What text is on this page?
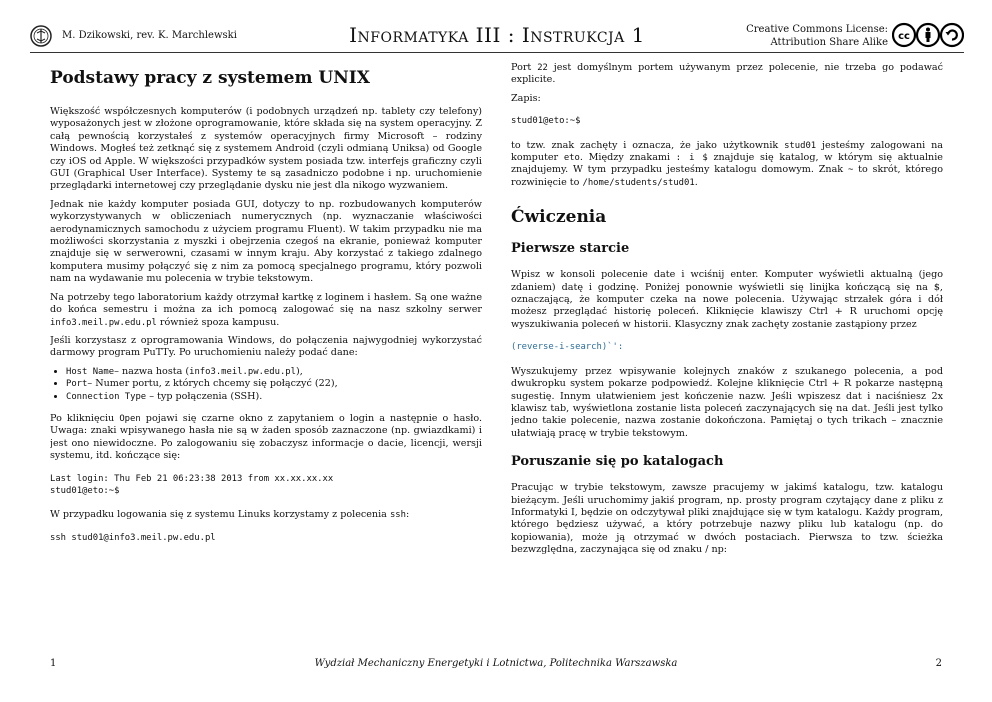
M. Dzikowski, rev. K. Marchlewski	Informatyka III : Instrukcja 1	Creative Commons License:
Attribution Share Alike
cc
Podstawy pracy z systemem UNIX

Większość współczesnych komputerów (i podobnych urządzeń np. tablety czy telefony) wyposażonych jest w złożone oprogramowanie, które składa się na system operacyjny. Z całą pewnością korzystałeś z systemów operacyjnych firmy Microsoft – rodziny Windows. Mogłeś też zetknąć się z systemem Android (czyli odmianą Uniksa) od Google czy iOS od Apple. W większości przypadków system posiada tzw. interfejs graficzny czyli GUI (Graphical User Interface). Systemy te są zasadniczo podobne i np. uruchomienie przeglądarki internetowej czy przeglądanie dysku nie jest dla nikogo wyzwaniem.

Jednak nie każdy komputer posiada GUI, dotyczy to np. rozbudowanych komputerów wykorzystywanych w obliczeniach numerycznych (np. wyznaczanie właściwości aerodynamicznych samochodu z użyciem programu Fluent). W takim przypadku nie ma możliwości skorzystania z myszki i obejrzenia czegoś na ekranie, ponieważ komputer znajduje się w serwerowni, czasami w innym kraju. Aby korzystać z takiego zdalnego komputera musimy połączyć się z nim za pomocą specjalnego programu, który pozwoli nam na wydawanie mu polecenia w trybie tekstowym.

Na potrzeby tego laboratorium każdy otrzymał kartkę z loginem i hasłem. Są one ważne do końca semestru i można za ich pomocą zalogować się na nasz szkolny serwer info3.meil.pw.edu.pl również spoza kampusu.

Jeśli korzystasz z oprogramowania Windows, do połączenia najwygodniej wykorzystać darmowy program PuTTy. Po uruchomieniu należy podać dane:

• Host Name– nazwa hosta (info3.meil.pw.edu.pl),
• Port– Numer portu, z których chcemy się połączyć (22),
• Connection Type – typ połączenia (SSH).

Po kliknięciu Open pojawi się czarne okno z zapytaniem o login a następnie o hasło. Uwaga: znaki wpisywanego hasła nie są w żaden sposób zaznaczone (np. gwiazdkami) i jest ono niewidoczne. Po zalogowaniu się zobaczysz informacje o dacie, licencji, wersji systemu, itd. kończące się:

Last login: Thu Feb 21 06:23:38 2013 from xx.xx.xx.xx
stud01@eto:~$

W przypadku logowania się z systemu Linuks korzystamy z polecenia ssh:

ssh stud01@info3.meil.pw.edu.pl

Port 22 jest domyślnym portem używanym przez polecenie, nie trzeba go podawać explicite.

Zapis:

stud01@eto:~$

to tzw. znak zachęty i oznacza, że jako użytkownik stud01 jesteśmy zalogowani na komputer eto. Między znakami : i $ znajduje się katalog, w którym się aktualnie znajdujemy. W tym przypadku jesteśmy katalogu domowym. Znak ~ to skrót, którego rozwinięcie to /home/students/stud01.

Ćwiczenia
Pierwsze starcie

Wpisz w konsoli polecenie date i wciśnij enter. Komputer wyświetli aktualną (jego zdaniem) datę i godzinę. Poniżej ponownie wyświetli się linijka kończącą się na $, oznaczającą, że komputer czeka na nowe polecenia. Używając strzałek góra i dół możesz przeglądać historię poleceń. Kliknięcie klawiszy Ctrl + R uruchomi opcję wyszukiwania poleceń w historii. Klasyczny znak zachęty zostanie zastąpiony przez

(reverse-i-search)`':

Wyszukujemy przez wpisywanie kolejnych znaków z szukanego polecenia, a pod dwukropku system pokarze podpowiedź. Kolejne kliknięcie Ctrl + R pokarze następną sugestię. Innym ułatwieniem jest kończenie nazw. Jeśli wpiszesz dat i naciśniesz 2x klawisz tab, wyświetlona zostanie lista poleceń zaczynających się na dat. Jeśli jest tylko jedno takie polecenie, nazwa zostanie dokończona. Pamiętaj o tych trikach – znacznie ułatwiają pracę w trybie tekstowym.

Poruszanie się po katalogach

Pracując w trybie tekstowym, zawsze pracujemy w jakimś katalogu, tzw. katalogu bieżącym. Jeśli uruchomimy jakiś program, np. prosty program czytający dane z pliku z Informatyki I, będzie on odczytywał pliki znajdujące się w tym katalogu. Każdy program, którego będziesz używać, a który potrzebuje nazwy pliku lub katalogu (np. do kopiowania), może ją otrzymać w dwóch postaciach. Pierwsza to tzw. ścieżka bezwzględna, zaczynająca się od znaku / np:

1	Wydział Mechaniczny Energetyki i Lotnictwa, Politechnika Warszawska	2
